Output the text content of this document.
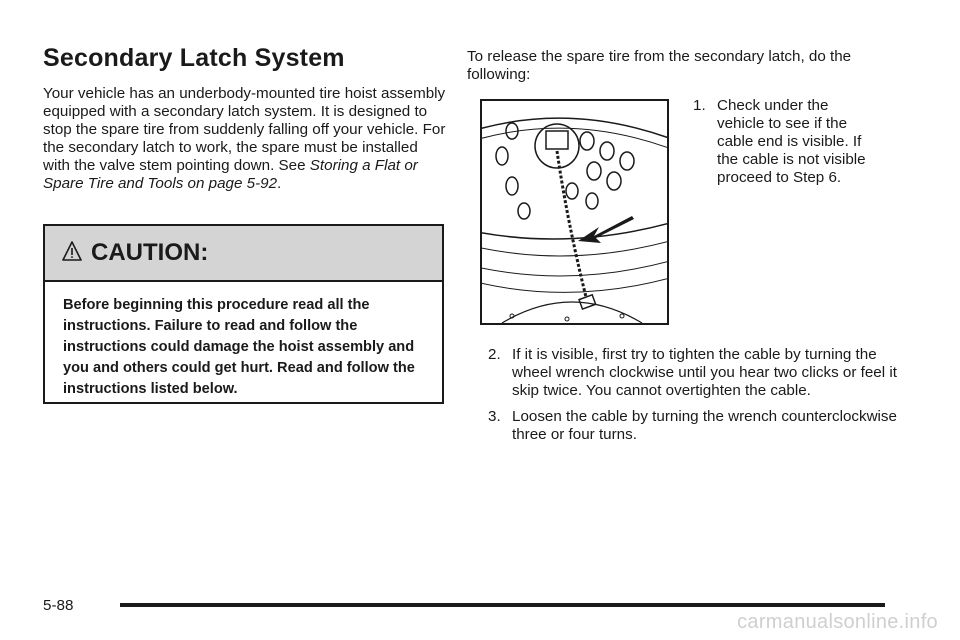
Secondary Latch System

Your vehicle has an underbody-mounted tire hoist assembly equipped with a secondary latch system. It is designed to stop the spare tire from suddenly falling off your vehicle. For the secondary latch to work, the spare must be installed with the valve stem pointing down. See Storing a Flat or Spare Tire and Tools on page 5-92.

CAUTION:
Before beginning this procedure read all the instructions. Failure to read and follow the instructions could damage the hoist assembly and you and others could get hurt. Read and follow the instructions listed below.

To release the spare tire from the secondary latch, do the following:

1. Check under the vehicle to see if the cable end is visible. If the cable is not visible proceed to Step 6.
2. If it is visible, first try to tighten the cable by turning the wheel wrench clockwise until you hear two clicks or feel it skip twice. You cannot overtighten the cable.
3. Loosen the cable by turning the wrench counterclockwise three or four turns.
5-88
carmanualsonline.info
